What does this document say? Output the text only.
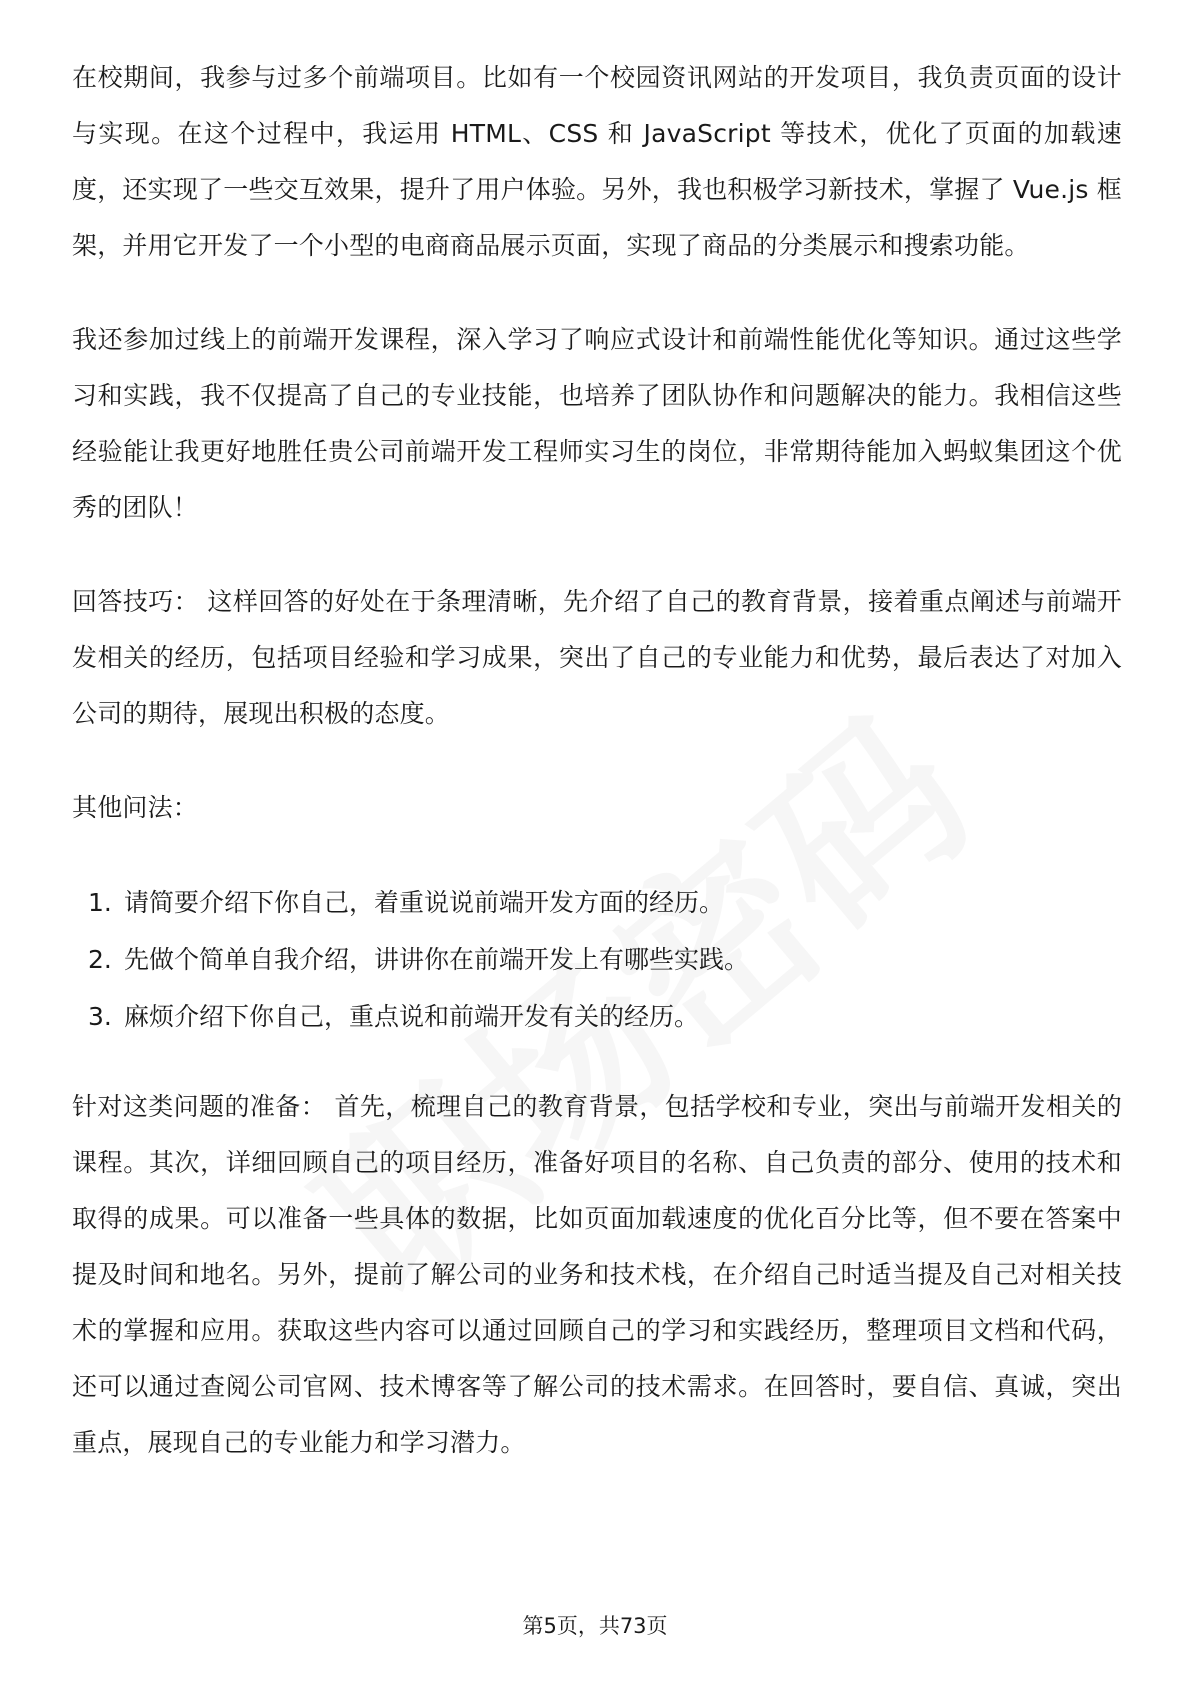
在校期间，我参与过多个前端项目。比如有一个校园资讯网站的开发项目，我负责页面的设计与实现。在这个过程中，我运用 HTML、CSS 和 JavaScript 等技术，优化了页面的加载速度，还实现了一些交互效果，提升了用户体验。另外，我也积极学习新技术，掌握了 Vue.js 框架，并用它开发了一个小型的电商商品展示页面，实现了商品的分类展示和搜索功能。

我还参加过线上的前端开发课程，深入学习了响应式设计和前端性能优化等知识。通过这些学习和实践，我不仅提高了自己的专业技能，也培养了团队协作和问题解决的能力。我相信这些经验能让我更好地胜任贵公司前端开发工程师实习生的岗位，非常期待能加入蚂蚁集团这个优秀的团队！

回答技巧： 这样回答的好处在于条理清晰，先介绍了自己的教育背景，接着重点阐述与前端开发相关的经历，包括项目经验和学习成果，突出了自己的专业能力和优势，最后表达了对加入公司的期待，展现出积极的态度。

其他问法：

1. 请简要介绍下你自己，着重说说前端开发方面的经历。
2. 先做个简单自我介绍，讲讲你在前端开发上有哪些实践。
3. 麻烦介绍下你自己，重点说和前端开发有关的经历。

针对这类问题的准备： 首先，梳理自己的教育背景，包括学校和专业，突出与前端开发相关的课程。其次，详细回顾自己的项目经历，准备好项目的名称、自己负责的部分、使用的技术和取得的成果。可以准备一些具体的数据，比如页面加载速度的优化百分比等，但不要在答案中提及时间和地名。另外，提前了解公司的业务和技术栈，在介绍自己时适当提及自己对相关技术的掌握和应用。获取这些内容可以通过回顾自己的学习和实践经历，整理项目文档和代码，还可以通过查阅公司官网、技术博客等了解公司的技术需求。在回答时，要自信、真诚，突出重点，展现自己的专业能力和学习潜力。

第5页，共73页
